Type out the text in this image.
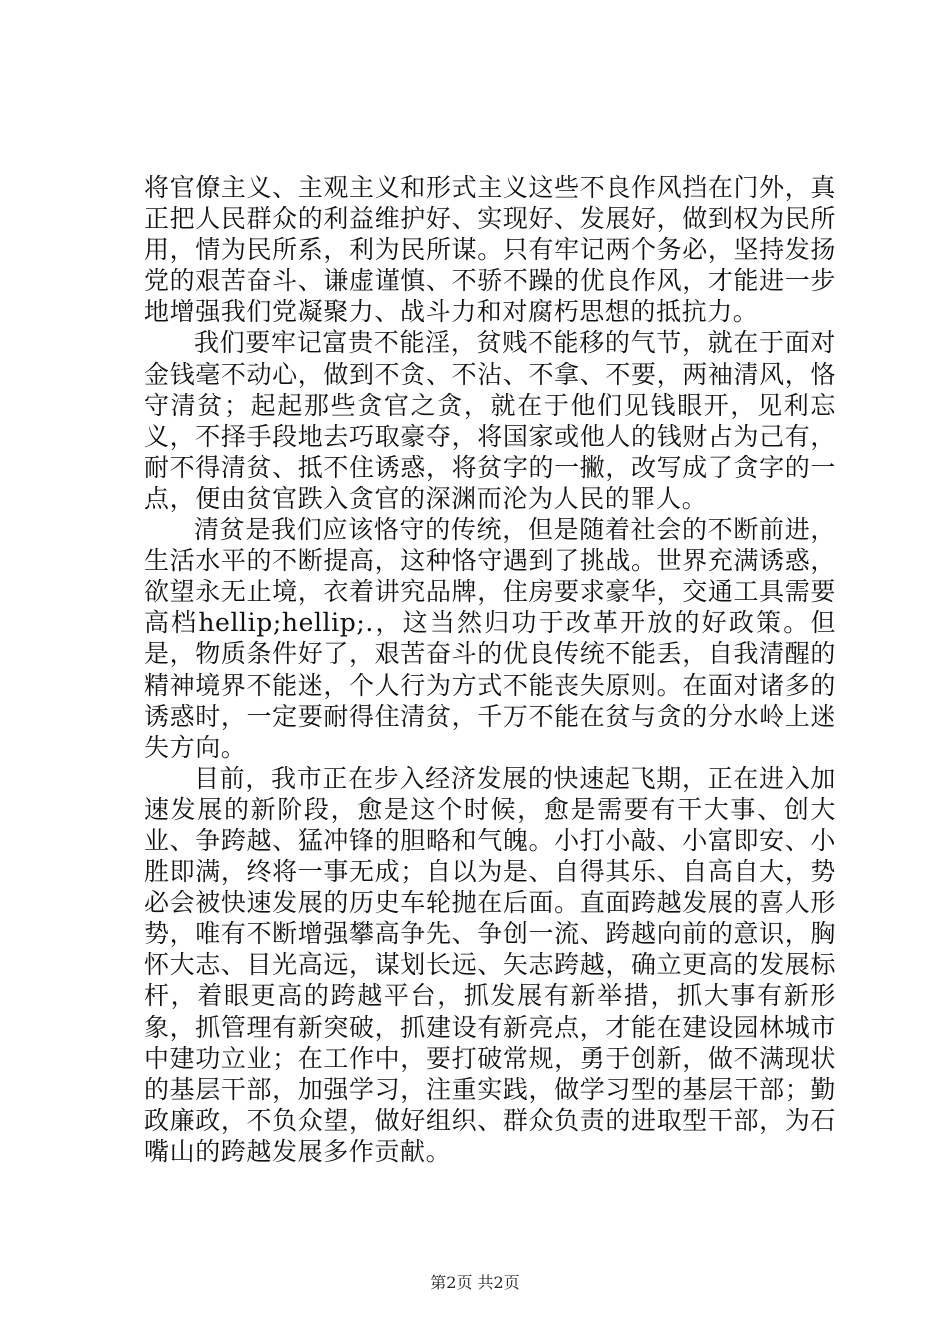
将官僚主义、主观主义和形式主义这些不良作风挡在门外，真正把人民群众的利益维护好、实现好、发展好，做到权为民所用，情为民所系，利为民所谋。只有牢记两个务必，坚持发扬党的艰苦奋斗、谦虚谨慎、不骄不躁的优良作风，才能进一步地增强我们党凝聚力、战斗力和对腐朽思想的抵抗力。

我们要牢记富贵不能淫，贫贱不能移的气节，就在于面对金钱毫不动心，做到不贪、不沾、不拿、不要，两袖清风，恪守清贫；起起那些贪官之贪，就在于他们见钱眼开，见利忘义，不择手段地去巧取豪夺，将国家或他人的钱财占为己有，耐不得清贫、抵不住诱惑，将贫字的一撇，改写成了贪字的一点，便由贫官跌入贪官的深渊而沦为人民的罪人。

清贫是我们应该恪守的传统，但是随着社会的不断前进，生活水平的不断提高，这种恪守遇到了挑战。世界充满诱惑，欲望永无止境，衣着讲究品牌，住房要求豪华，交通工具需要高档hellip;hellip;.，这当然归功于改革开放的好政策。但是，物质条件好了，艰苦奋斗的优良传统不能丢，自我清醒的精神境界不能迷，个人行为方式不能丧失原则。在面对诸多的诱惑时，一定要耐得住清贫，千万不能在贫与贪的分水岭上迷失方向。

目前，我市正在步入经济发展的快速起飞期，正在进入加速发展的新阶段，愈是这个时候，愈是需要有干大事、创大业、争跨越、猛冲锋的胆略和气魄。小打小敲、小富即安、小胜即满，终将一事无成；自以为是、自得其乐、自高自大，势必会被快速发展的历史车轮抛在后面。直面跨越发展的喜人形势，唯有不断增强攀高争先、争创一流、跨越向前的意识，胸怀大志、目光高远，谋划长远、矢志跨越，确立更高的发展标杆，着眼更高的跨越平台，抓发展有新举措，抓大事有新形象，抓管理有新突破，抓建设有新亮点，才能在建设园林城市中建功立业；在工作中，要打破常规，勇于创新，做不满现状的基层干部，加强学习，注重实践，做学习型的基层干部；勤政廉政，不负众望，做好组织、群众负责的进取型干部，为石嘴山的跨越发展多作贡献。

第2页 共2页
